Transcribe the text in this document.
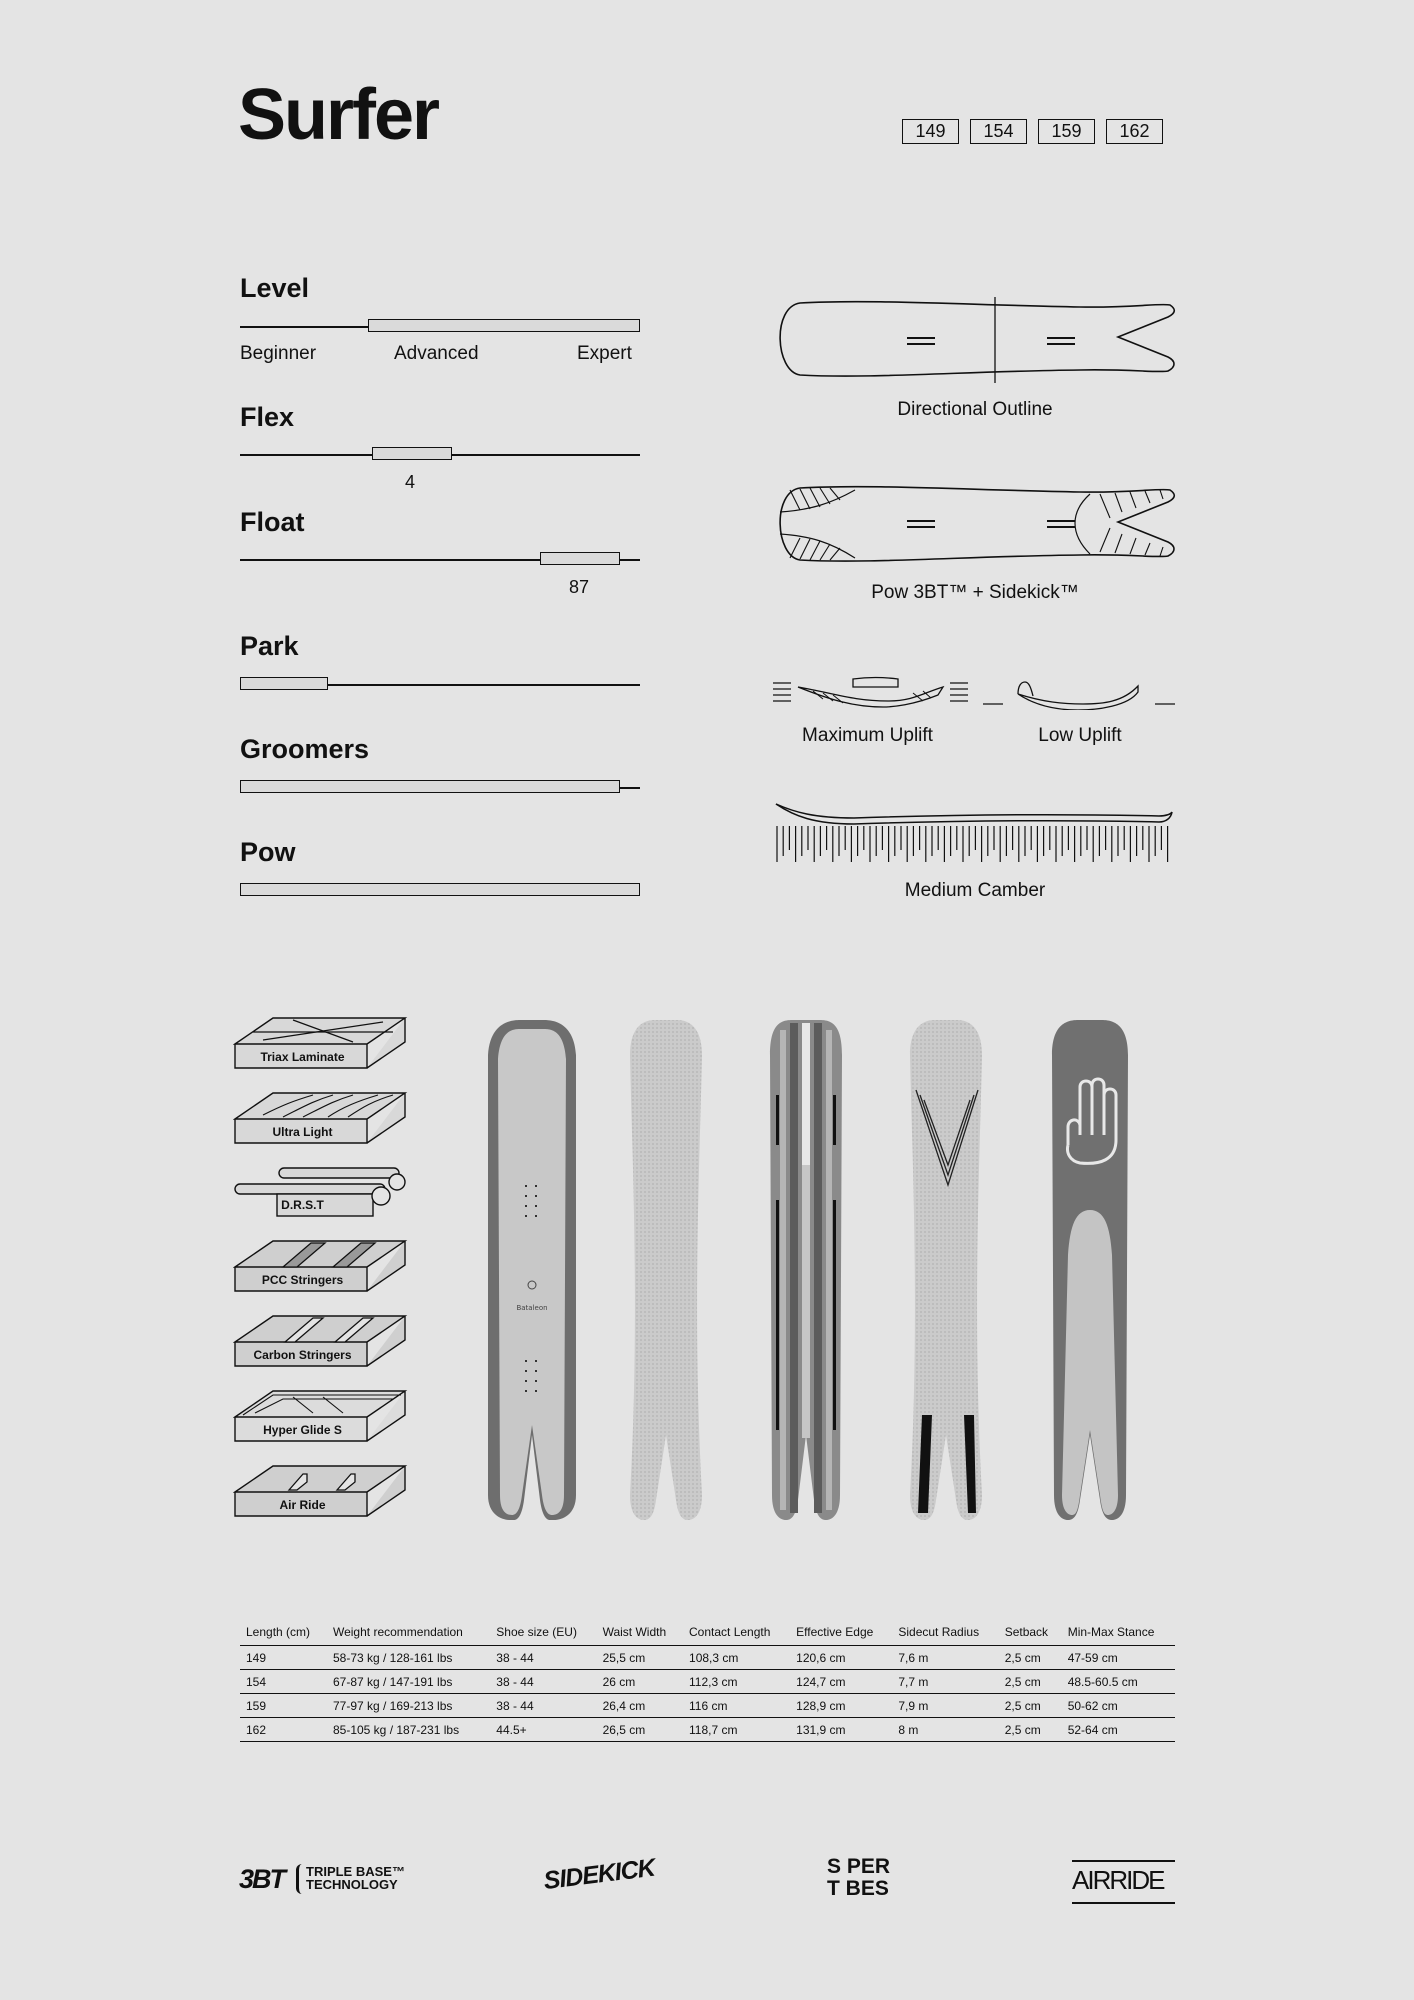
Surfer	149	154	159	162
Level
Beginner	Advanced	Expert
Flex
4
Float
87
Park
Groomers
Pow
Directional Outline
Pow 3BT™ + Sidekick™
Maximum Uplift	Low Uplift
Medium Camber
Triax Laminate
Ultra Light
D.R.S.T
PCC Stringers
Carbon Stringers
Hyper Glide S
Air Ride
Bataleon
Length (cm)	Weight recommendation	Shoe size (EU)	Waist Width	Contact Length	Effective Edge	Sidecut Radius	Setback	Min-Max Stance
149	58-73 kg / 128-161 lbs	38 - 44	25,5 cm	108,3 cm	120,6 cm	7,6 m	2,5 cm	47-59 cm
154	67-87 kg / 147-191 lbs	38 - 44	26 cm	112,3 cm	124,7 cm	7,7 m	2,5 cm	48.5-60.5 cm
159	77-97 kg / 169-213 lbs	38 - 44	26,4 cm	116 cm	128,9 cm	7,9 m	2,5 cm	50-62 cm
162	85-105 kg / 187-231 lbs	44.5+	26,5 cm	118,7 cm	131,9 cm	8 m	2,5 cm	52-64 cm
3BT TRIPLE BASE™
TECHNOLOGY	SIDEKICK	S PER
T BES	AIRRIDE
